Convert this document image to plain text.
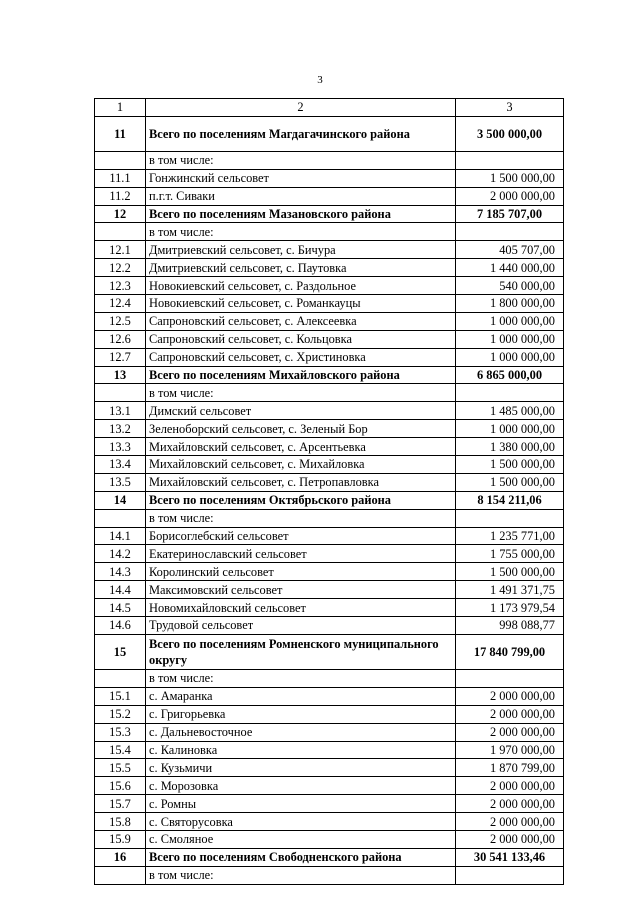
3
1	2	3
11	Всего по поселениям Магдагачинского района	3 500 000,00
	в том числе:	
11.1	Гонжинский сельсовет	1 500 000,00
11.2	п.г.т. Сиваки	2 000 000,00
12	Всего по поселениям Мазановского района	7 185 707,00
	в том числе:	
12.1	Дмитриевский сельсовет, с. Бичура	405 707,00
12.2	Дмитриевский сельсовет, с. Паутовка	1 440 000,00
12.3	Новокиевский сельсовет, с. Раздольное	540 000,00
12.4	Новокиевский сельсовет, с. Романкауцы	1 800 000,00
12.5	Сапроновский сельсовет, с. Алексеевка	1 000 000,00
12.6	Сапроновский сельсовет, с. Кольцовка	1 000 000,00
12.7	Сапроновский сельсовет, с. Христиновка	1 000 000,00
13	Всего по поселениям Михайловского района	6 865 000,00
	в том числе:	
13.1	Димский сельсовет	1 485 000,00
13.2	Зеленоборский сельсовет, с. Зеленый Бор	1 000 000,00
13.3	Михайловский сельсовет, с. Арсентьевка	1 380 000,00
13.4	Михайловский сельсовет, с. Михайловка	1 500 000,00
13.5	Михайловский сельсовет, с. Петропавловка	1 500 000,00
14	Всего по поселениям Октябрьского района	8 154 211,06
	в том числе:	
14.1	Борисоглебский сельсовет	1 235 771,00
14.2	Екатеринославский сельсовет	1 755 000,00
14.3	Королинский сельсовет	1 500 000,00
14.4	Максимовский сельсовет	1 491 371,75
14.5	Новомихайловский сельсовет	1 173 979,54
14.6	Трудовой сельсовет	998 088,77
15	Всего по поселениям Ромненского муниципального округу	17 840 799,00
	в том числе:	
15.1	с. Амаранка	2 000 000,00
15.2	с. Григорьевка	2 000 000,00
15.3	с. Дальневосточное	2 000 000,00
15.4	с. Калиновка	1 970 000,00
15.5	с. Кузьмичи	1 870 799,00
15.6	с. Морозовка	2 000 000,00
15.7	с. Ромны	2 000 000,00
15.8	с. Святорусовка	2 000 000,00
15.9	с. Смоляное	2 000 000,00
16	Всего по поселениям Свободненского района	30 541 133,46
	в том числе:	
